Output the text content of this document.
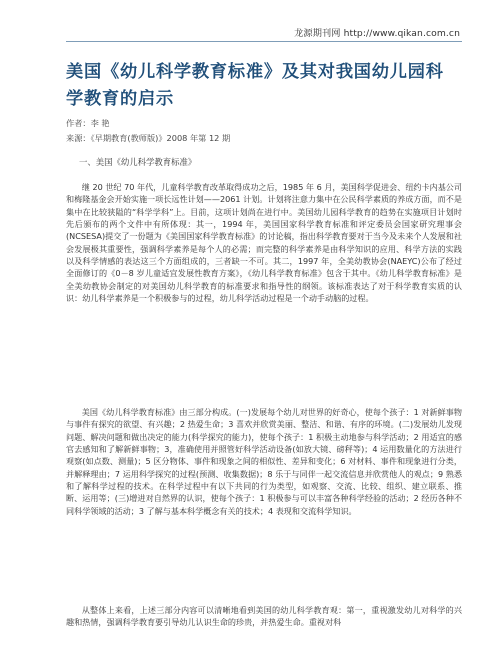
龙源期刊网 http://www.qikan.com.cn
美国《幼儿科学教育标准》及其对我国幼儿园科学教育的启示
作者：李 艳
来源：《早期教育(教师版)》2008 年第 12 期
一、美国《幼儿科学教育标准》

继 20 世纪 70 年代，儿童科学教育改革取得成功之后，1985 年 6 月，美国科学促进会、纽约卡内基公司和梅隆基金会开始实施一项长远性计划——2061 计划。计划将注意力集中在公民科学素质的养成方面，而不是集中在比较狭隘的“科学学科”上。目前，这项计划尚在进行中。美国幼儿园科学教育的趋势在实施项目计划时先后颁布的两个文件中有所体现：其一，1994 年，美国国家科学教育标准和评定委员会国家研究理事会(NCSESA)提交了一份题为《美国国家科学教育标准》的讨论稿，指出科学教育要对于当今及未来个人发展和社会发展极其重要性，强调科学素养是每个人的必需；而完整的科学素养是由科学知识的应用、科学方法的实践以及科学情感的表达这三个方面组成的，三者缺一不可。其二，1997 年，全美幼教协会(NAEYC)公布了经过全面修订的《0－8 岁儿童适宜发展性教育方案》，《幼儿科学教育标准》包含于其中。《幼儿科学教育标准》是全美幼教协会制定的对美国幼儿科学教育的标准要求和指导性的纲领。该标准表达了对于科学教育实质的认识：幼儿科学素养是一个积极参与的过程，幼儿科学活动过程是一个动手动脑的过程。

美国《幼儿科学教育标准》由三部分构成。(一)发展每个幼儿对世界的好奇心，使每个孩子：1 对新鲜事物与事件有探究的欲望、有兴趣；2 热爱生命；3 喜欢并欣赏美丽、整洁、和谐、有序的环境。(二)发展幼儿发现问题、解决问题和做出决定的能力(科学探究的能力)，使每个孩子：1 积极主动地参与科学活动；2 用适宜的感官去感知和了解新鲜事物；3，准确使用并照管好科学活动设备(如放大镜、磅秤等)；4 运用数量化的方法进行观察(如点数、测量)；5 区分物体、事件和现象之间的相似性、差异和变化；6 对材料、事件和现象进行分类，并解释理由；7 运用科学探究的过程(预测、收集数据)；8 乐于与同伴一起交流信息并欣赏他人的观点；9 熟悉和了解科学过程的技术。在科学过程中有以下共同的行为类型，如观察、交流、比较、组织、建立联系、推断、运用等；(三)增进对自然界的认识，使每个孩子：1 积极参与可以丰富各种科学经验的活动；2 经历各种不同科学领域的活动；3 了解与基本科学概念有关的技术；4 表现和交流科学知识。

从整体上来看，上述三部分内容可以清晰地看到美国的幼儿科学教育观：第一，重视激发幼儿对科学的兴趣和热情，强调科学教育要引导幼儿认识生命的珍贵，并热爱生命。重视对科
